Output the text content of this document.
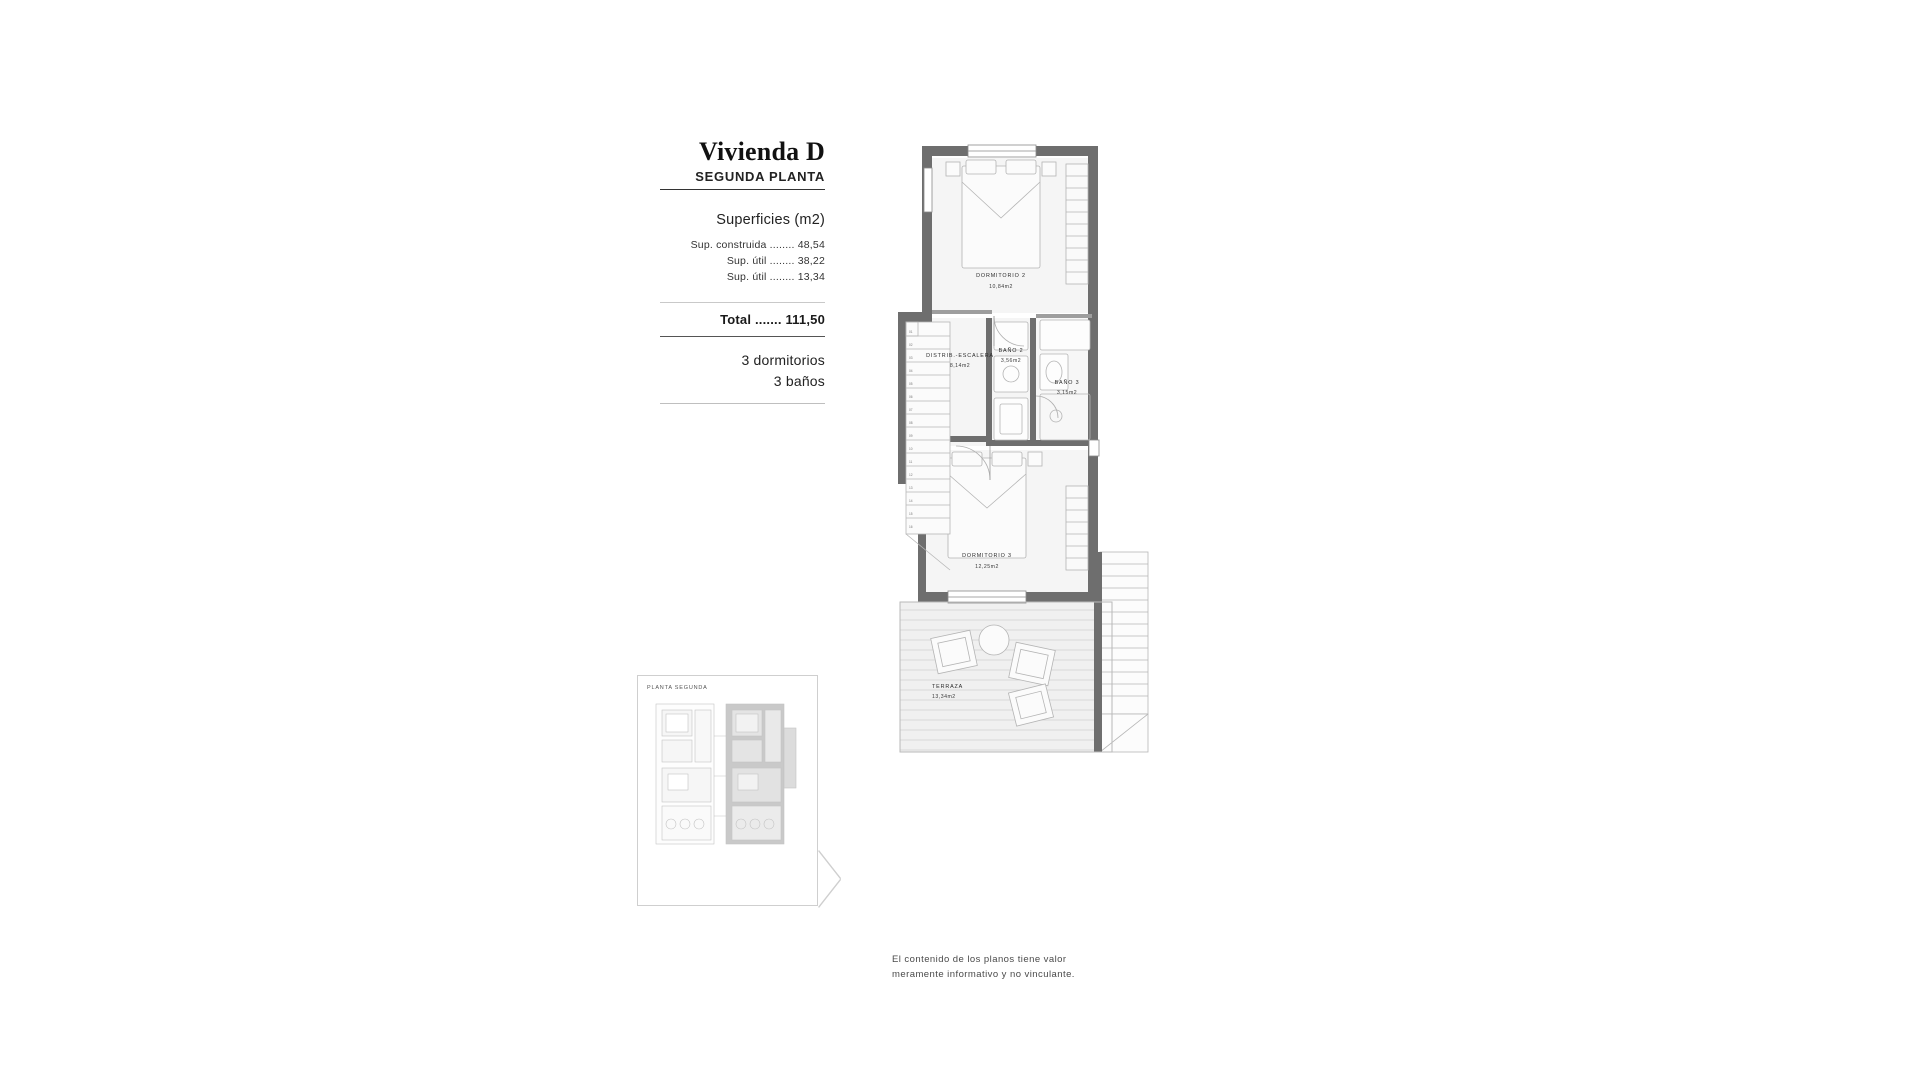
Vivienda D
SEGUNDA PLANTA
Superficies (m2)
Sup. construida ........ 48,54
Sup. útil ........ 38,22
Sup. útil ........ 13,34
Total ....... 111,50
3 dormitorios
3 baños
PLANTA SEGUNDA
El contenido de los planos tiene valor
meramente informativo y no vinculante.
01
02
03
04
05
06
07
08
09
10
11
12
13
14
15
16
DORMITORIO 2
10,84m2
BAÑO 2
3,56m2
BAÑO 3
3,15m2
DISTRIB.-ESCALERA
8,14m2
DORMITORIO 3
12,25m2
TERRAZA
13,34m2
